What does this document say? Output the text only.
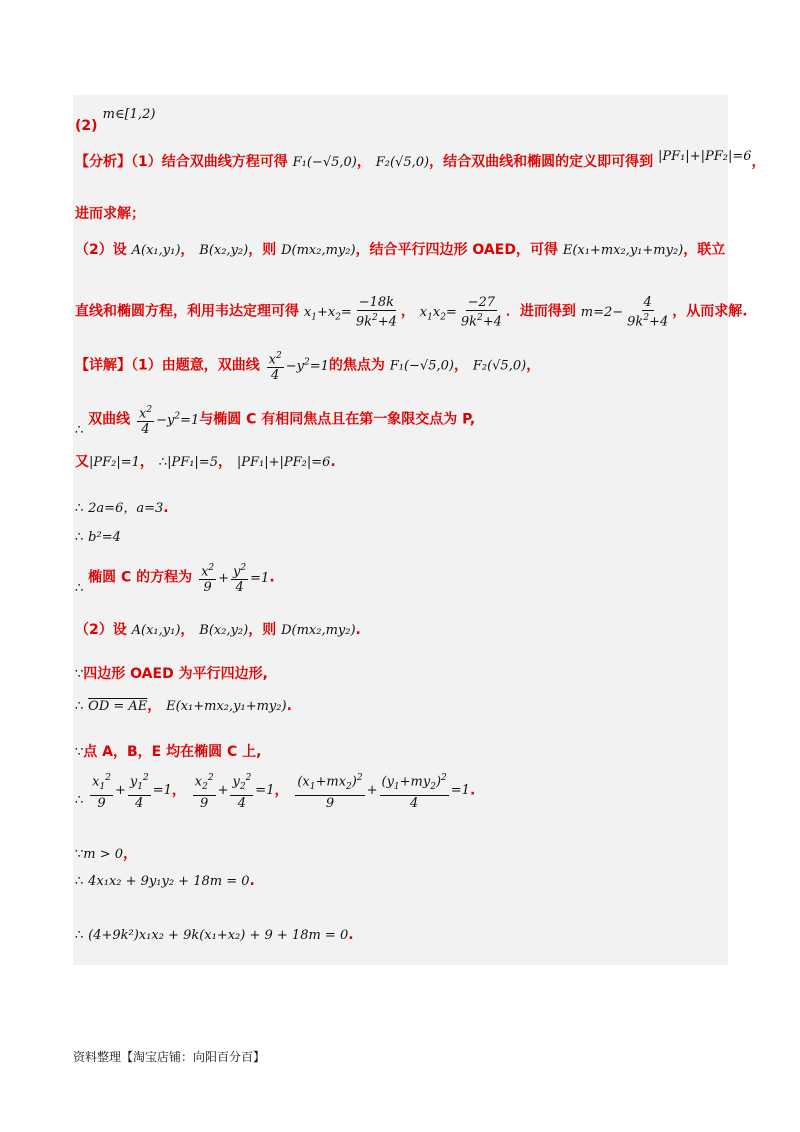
(2) m∈[1,2)
【分析】（1）结合双曲线方程可得 F₁(−√5,0)， F₂(√5,0)，结合双曲线和椭圆的定义即可得到 |PF₁|+|PF₂|=6，
进而求解；
（2）设 A(x₁,y₁)， B(x₂,y₂)，则 D(mx₂,my₂)，结合平行四边形 OAED，可得 E(x₁+mx₂,y₁+my₂)，联立
直线和椭圆方程，利用韦达定理可得 $x_1+x_2= \frac{-18k}{9k^2+4}$ ， $x_1x_2= \frac{-27}{9k^2+4}$ ．进而得到 $m=2- \frac{4}{9k^2+4}$ ，从而求解.
【详解】（1）由题意，双曲线 $\frac{x^2}{4} -y^2=1$的焦点为 F₁(−√5,0)， F₂(√5,0)，
∴ 双曲线 $\frac{x^2}{4} -y^2=1$与椭圆 C 有相同焦点且在第一象限交点为 P,
又|PF₂|=1， ∴|PF₁|=5， |PF₁|+|PF₂|=6.
∴ 2a=6，a=3.
∴ b²=4
∴ 椭圆 C 的方程为 $\frac{x^2}{9} + \frac{y^2}{4} =1$.
（2）设 A(x₁,y₁)， B(x₂,y₂)，则 D(mx₂,my₂).
∵四边形 OAED 为平行四边形,
∴ OD = AE， E(x₁+mx₂,y₁+my₂).
∵点 A，B，E 均在椭圆 C 上,
∴ $\frac{x_1^2}{9} + \frac{y_1^2}{4} =1$， $\frac{x_2^2}{9} + \frac{y_2^2}{4} =1$， $\frac{(x_1+mx_2)^2}{9} + \frac{(y_1+my_2)^2}{4} =1$.
∵m > 0，
∴ 4x₁x₂ + 9y₁y₂ + 18m = 0.
∴ (4+9k²)x₁x₂ + 9k(x₁+x₂) + 9 + 18m = 0.
资料整理【淘宝店铺：向阳百分百】
